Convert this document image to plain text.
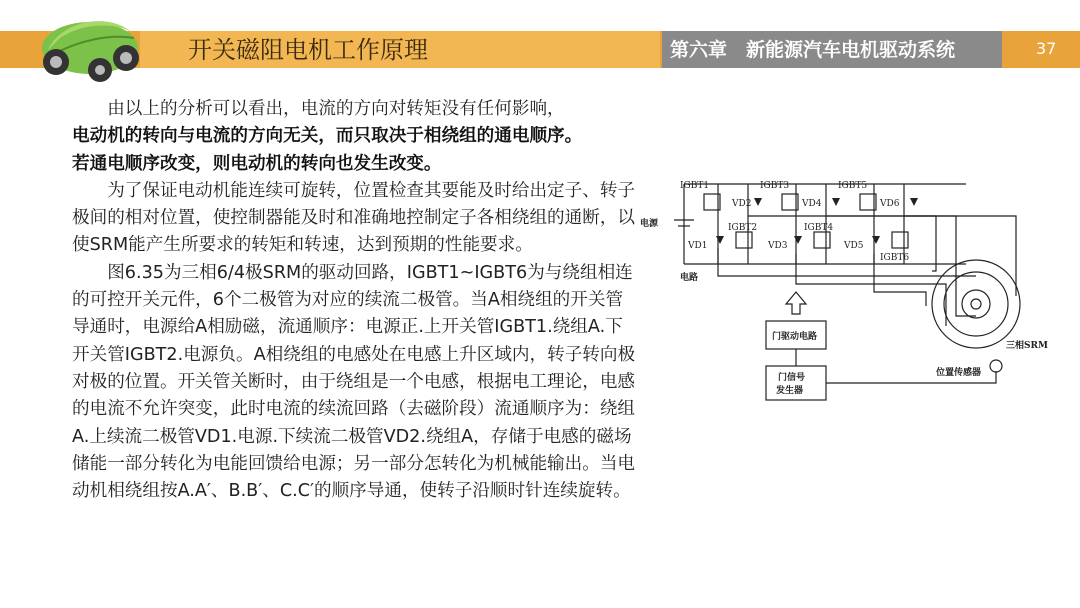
开关磁阻电机工作原理	第六章　新能源汽车电机驱动系统	37

由以上的分析可以看出，电流的方向对转矩没有任何影响，

电动机的转向与电流的方向无关，而只取决于相绕组的通电顺序。

若通电顺序改变，则电动机的转向也发生改变。

为了保证电动机能连续可旋转，位置检查其要能及时给出定子、转子极间的相对位置，使控制器能及时和准确地控制定子各相绕组的通断，以使SRM能产生所要求的转矩和转速，达到预期的性能要求。

图6.35为三相6/4极SRM的驱动回路，IGBT1~IGBT6为与绕组相连的可控开关元件，6个二极管为对应的续流二极管。当A相绕组的开关管导通时，电源给A相励磁，流通顺序：电源正.上开关管IGBT1.绕组A.下开关管IGBT2.电源负。A相绕组的电感处在电感上升区域内，转子转向极对极的位置。开关管关断时，由于绕组是一个电感，根据电工理论，电感的电流不允许突变，此时电流的续流回路（去磁阶段）流通顺序为：绕组A.上续流二极管VD1.电源.下续流二极管VD2.绕组A，存储于电感的磁场储能一部分转化为电能回馈给电源；另一部分怎转化为机械能输出。当电动机相绕组按A.A′、B.B′、C.C′的顺序导通，使转子沿顺时针连续旋转。

IGBT1
IGBT2
IGBT3
IGBT4
IGBT5
IGBT6
VD1
VD2
VD3
VD4
VD5
VD6
电源
电路
门驱动电路
门信号
发生器
位置传感器
三相SRM
